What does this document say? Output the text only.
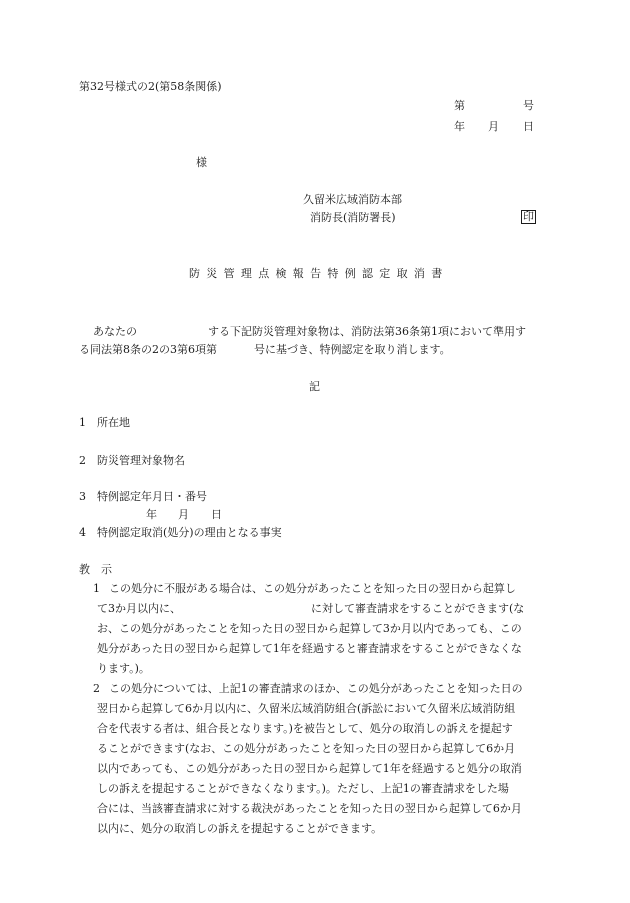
第32号様式の2(第58条関係)
第	号
年 月 日
様
久留米広域消防本部
消防長(消防署長)	印
防災管理点検報告特例認定取消書
あなたの	する下記防災管理対象物は、消防法第36条第1項において準用す
る同法第8条の2の3第6項第	号に基づき、特例認定を取り消します。
記
1 所在地
2 防災管理対象物名
3 特例認定年月日・番号
年 月 日
4 特例認定取消(処分)の理由となる事実
教　示
1 この処分に不服がある場合は、この処分があったことを知った日の翌日から起算し
て3か月以内に、	に対して審査請求をすることができます(な
お、この処分があったことを知った日の翌日から起算して3か月以内であっても、この
処分があった日の翌日から起算して1年を経過すると審査請求をすることができなくな
ります。)。
2 この処分については、上記1の審査請求のほか、この処分があったことを知った日の
翌日から起算して6か月以内に、久留米広域消防組合(訴訟において久留米広域消防組
合を代表する者は、組合長となります。)を被告として、処分の取消しの訴えを提起す
ることができます(なお、この処分があったことを知った日の翌日から起算して6か月
以内であっても、この処分があった日の翌日から起算して1年を経過すると処分の取消
しの訴えを提起することができなくなります。)。ただし、上記1の審査請求をした場
合には、当該審査請求に対する裁決があったことを知った日の翌日から起算して6か月
以内に、処分の取消しの訴えを提起することができます。
